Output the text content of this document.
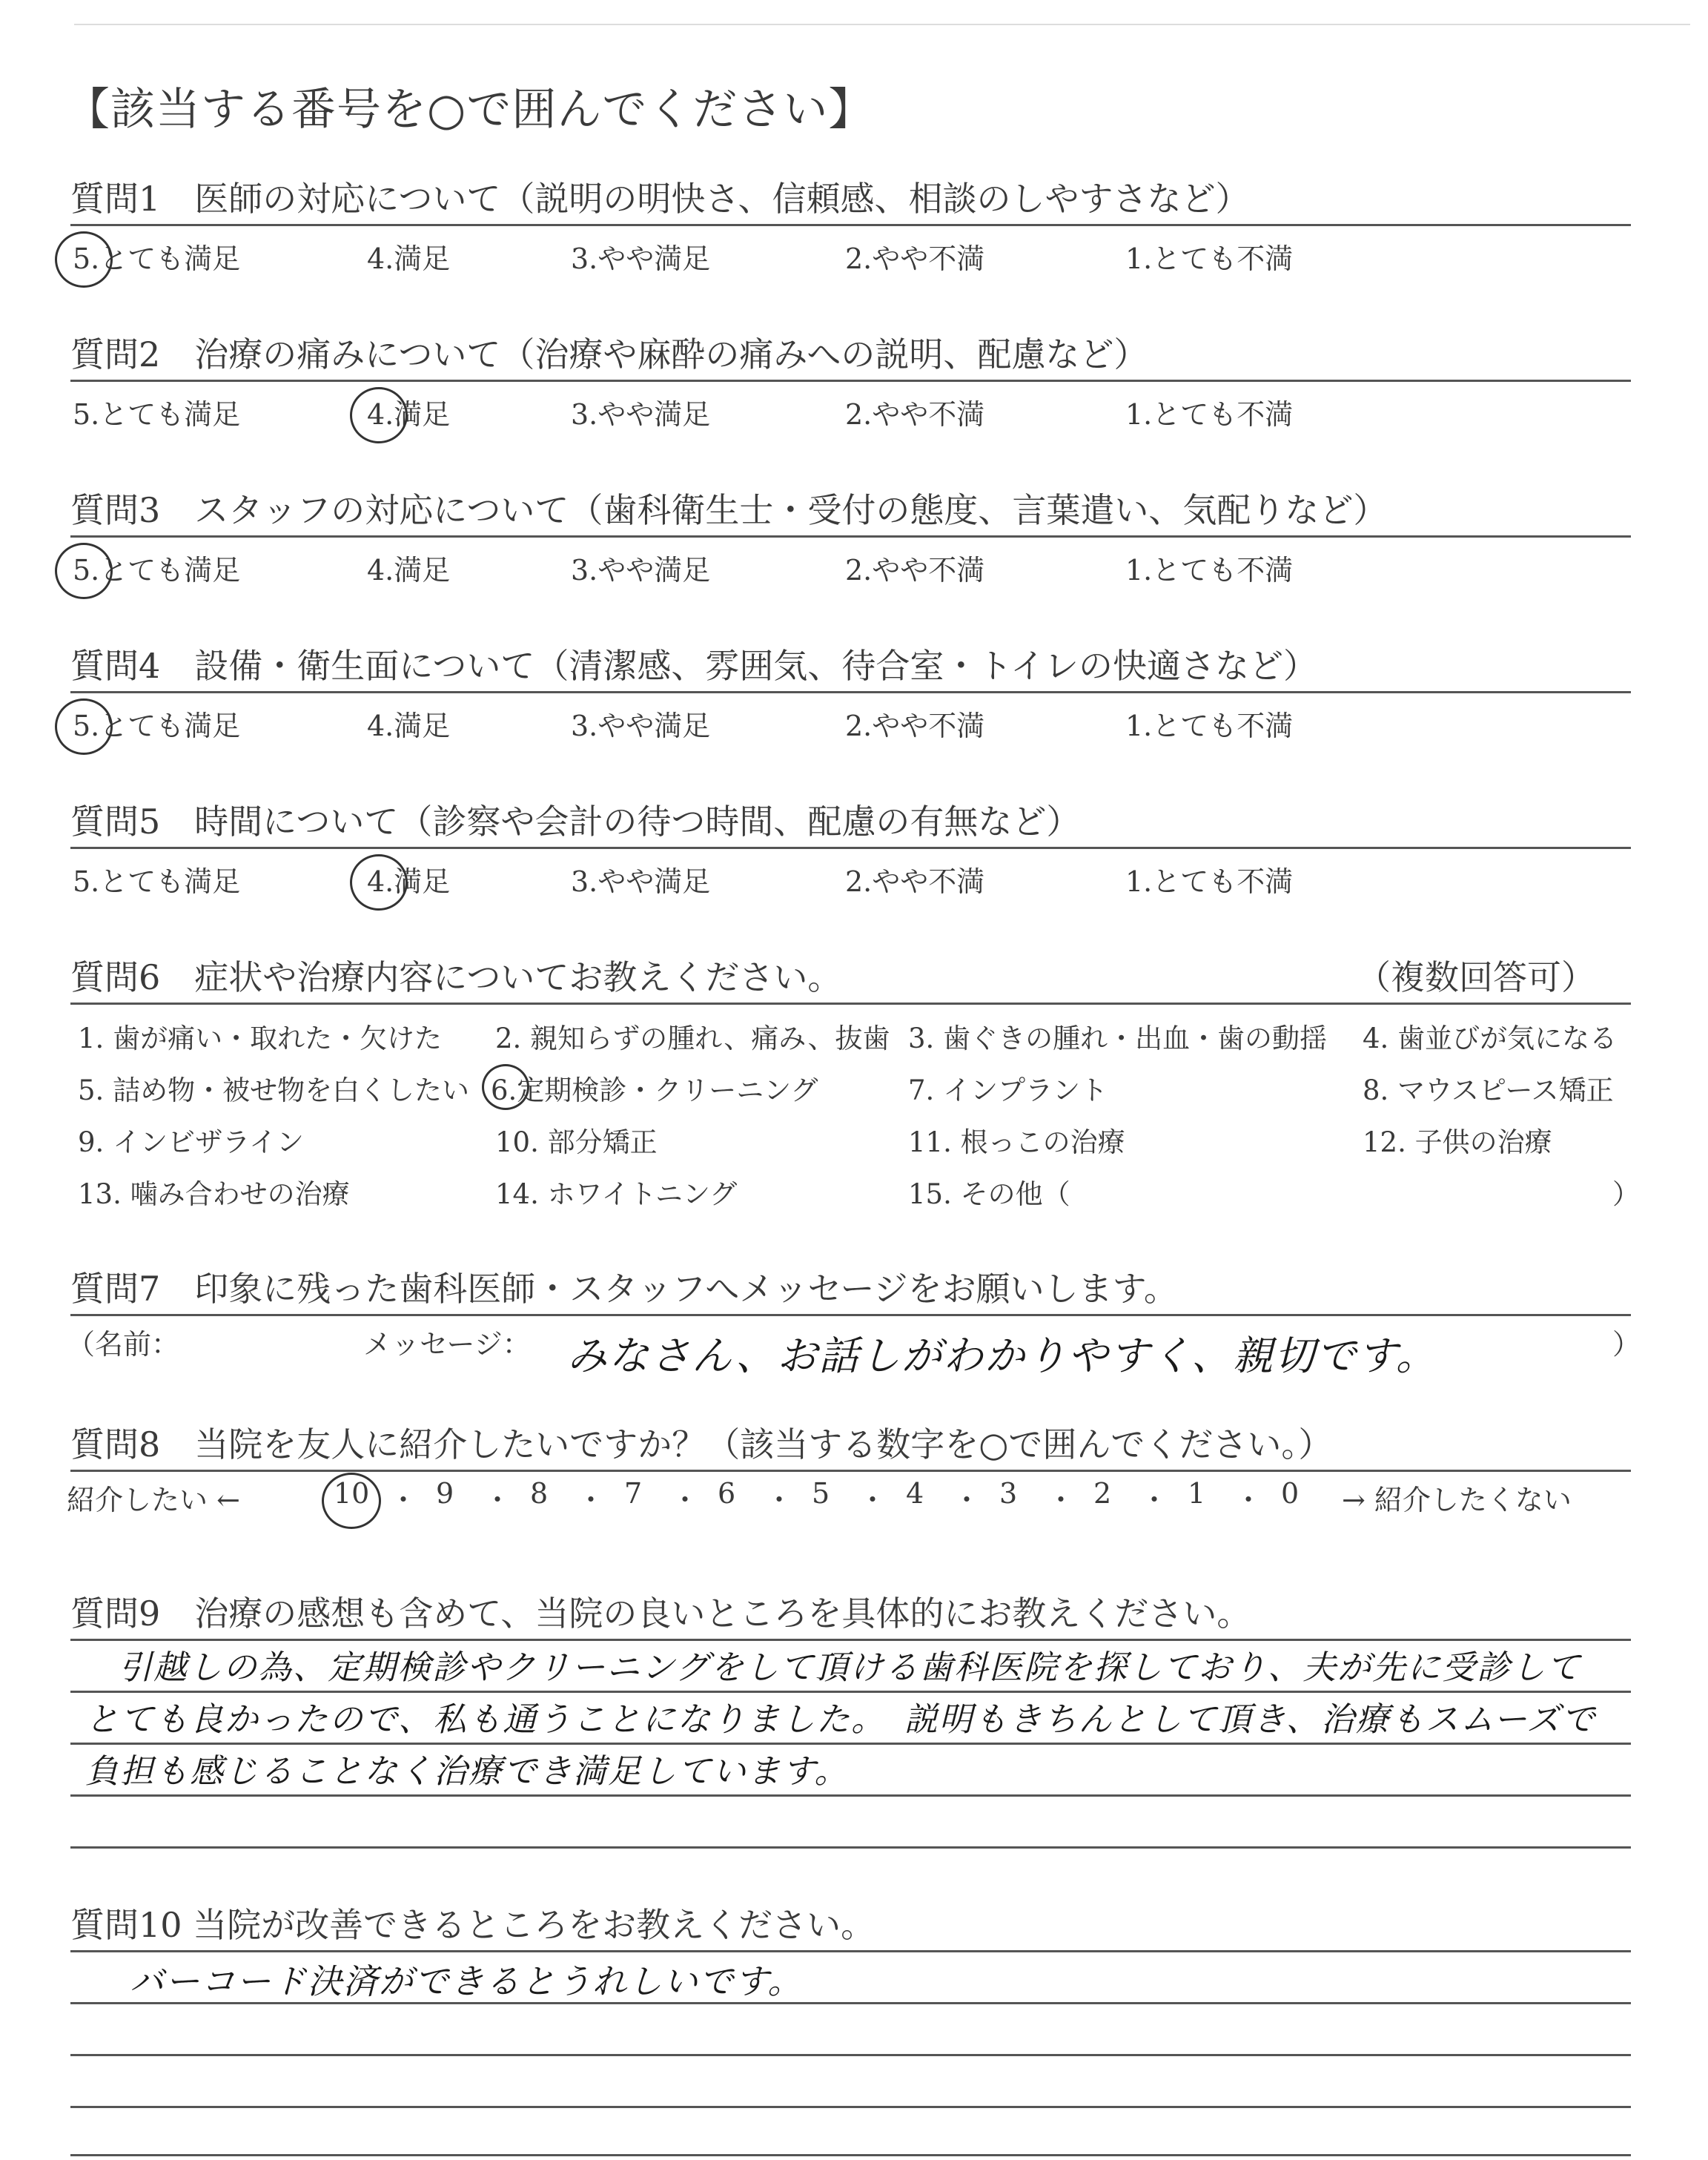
【該当する番号を○で囲んでください】
質問1　医師の対応について（説明の明快さ、信頼感、相談のしやすさなど）
5.とても満足	4.満足	3.やや満足	2.やや不満	1.とても不満
質問2　治療の痛みについて（治療や麻酔の痛みへの説明、配慮など）
5.とても満足	4.満足	3.やや満足	2.やや不満	1.とても不満
質問3　スタッフの対応について（歯科衛生士・受付の態度、言葉遣い、気配りなど）
5.とても満足	4.満足	3.やや満足	2.やや不満	1.とても不満
質問4　設備・衛生面について（清潔感、雰囲気、待合室・トイレの快適さなど）
5.とても満足	4.満足	3.やや満足	2.やや不満	1.とても不満
質問5　時間について（診察や会計の待つ時間、配慮の有無など）
5.とても満足	4.満足	3.やや満足	2.やや不満	1.とても不満
質問6　症状や治療内容についてお教えください。	（複数回答可）
1. 歯が痛い・取れた・欠けた 2. 親知らずの腫れ、痛み、抜歯 3. 歯ぐきの腫れ・出血・歯の動揺 4. 歯並びが気になる
5. 詰め物・被せ物を白くしたい 6.定期検診・クリーニング	7. インプラント	8. マウスピース矯正
9. インビザライン	10. 部分矯正	11. 根っこの治療	12. 子供の治療
13. 噛み合わせの治療	14. ホワイトニング	15. その他（	）
質問7　印象に残った歯科医師・スタッフへメッセージをお願いします。
（名前：	メッセージ： みなさん、お話しがわかりやすく、親切です。	）
質問8　当院を友人に紹介したいですか？（該当する数字を○で囲んでください。）
紹介したい ←	10 ・ 9 ・ 8 ・ 7 ・ 6 ・ 5 ・ 4 ・ 3 ・ 2 ・ 1 ・ 0 → 紹介したくない
質問9　治療の感想も含めて、当院の良いところを具体的にお教えください。
引越しの為、定期検診やクリーニングをして頂ける歯科医院を探しており、夫が先に受診して
とても良かったので、私も通うことになりました。　説明もきちんとして頂き、治療もスムーズで
負担も感じることなく治療でき満足しています。
質問10 当院が改善できるところをお教えください。
バーコード決済ができるとうれしいです。
